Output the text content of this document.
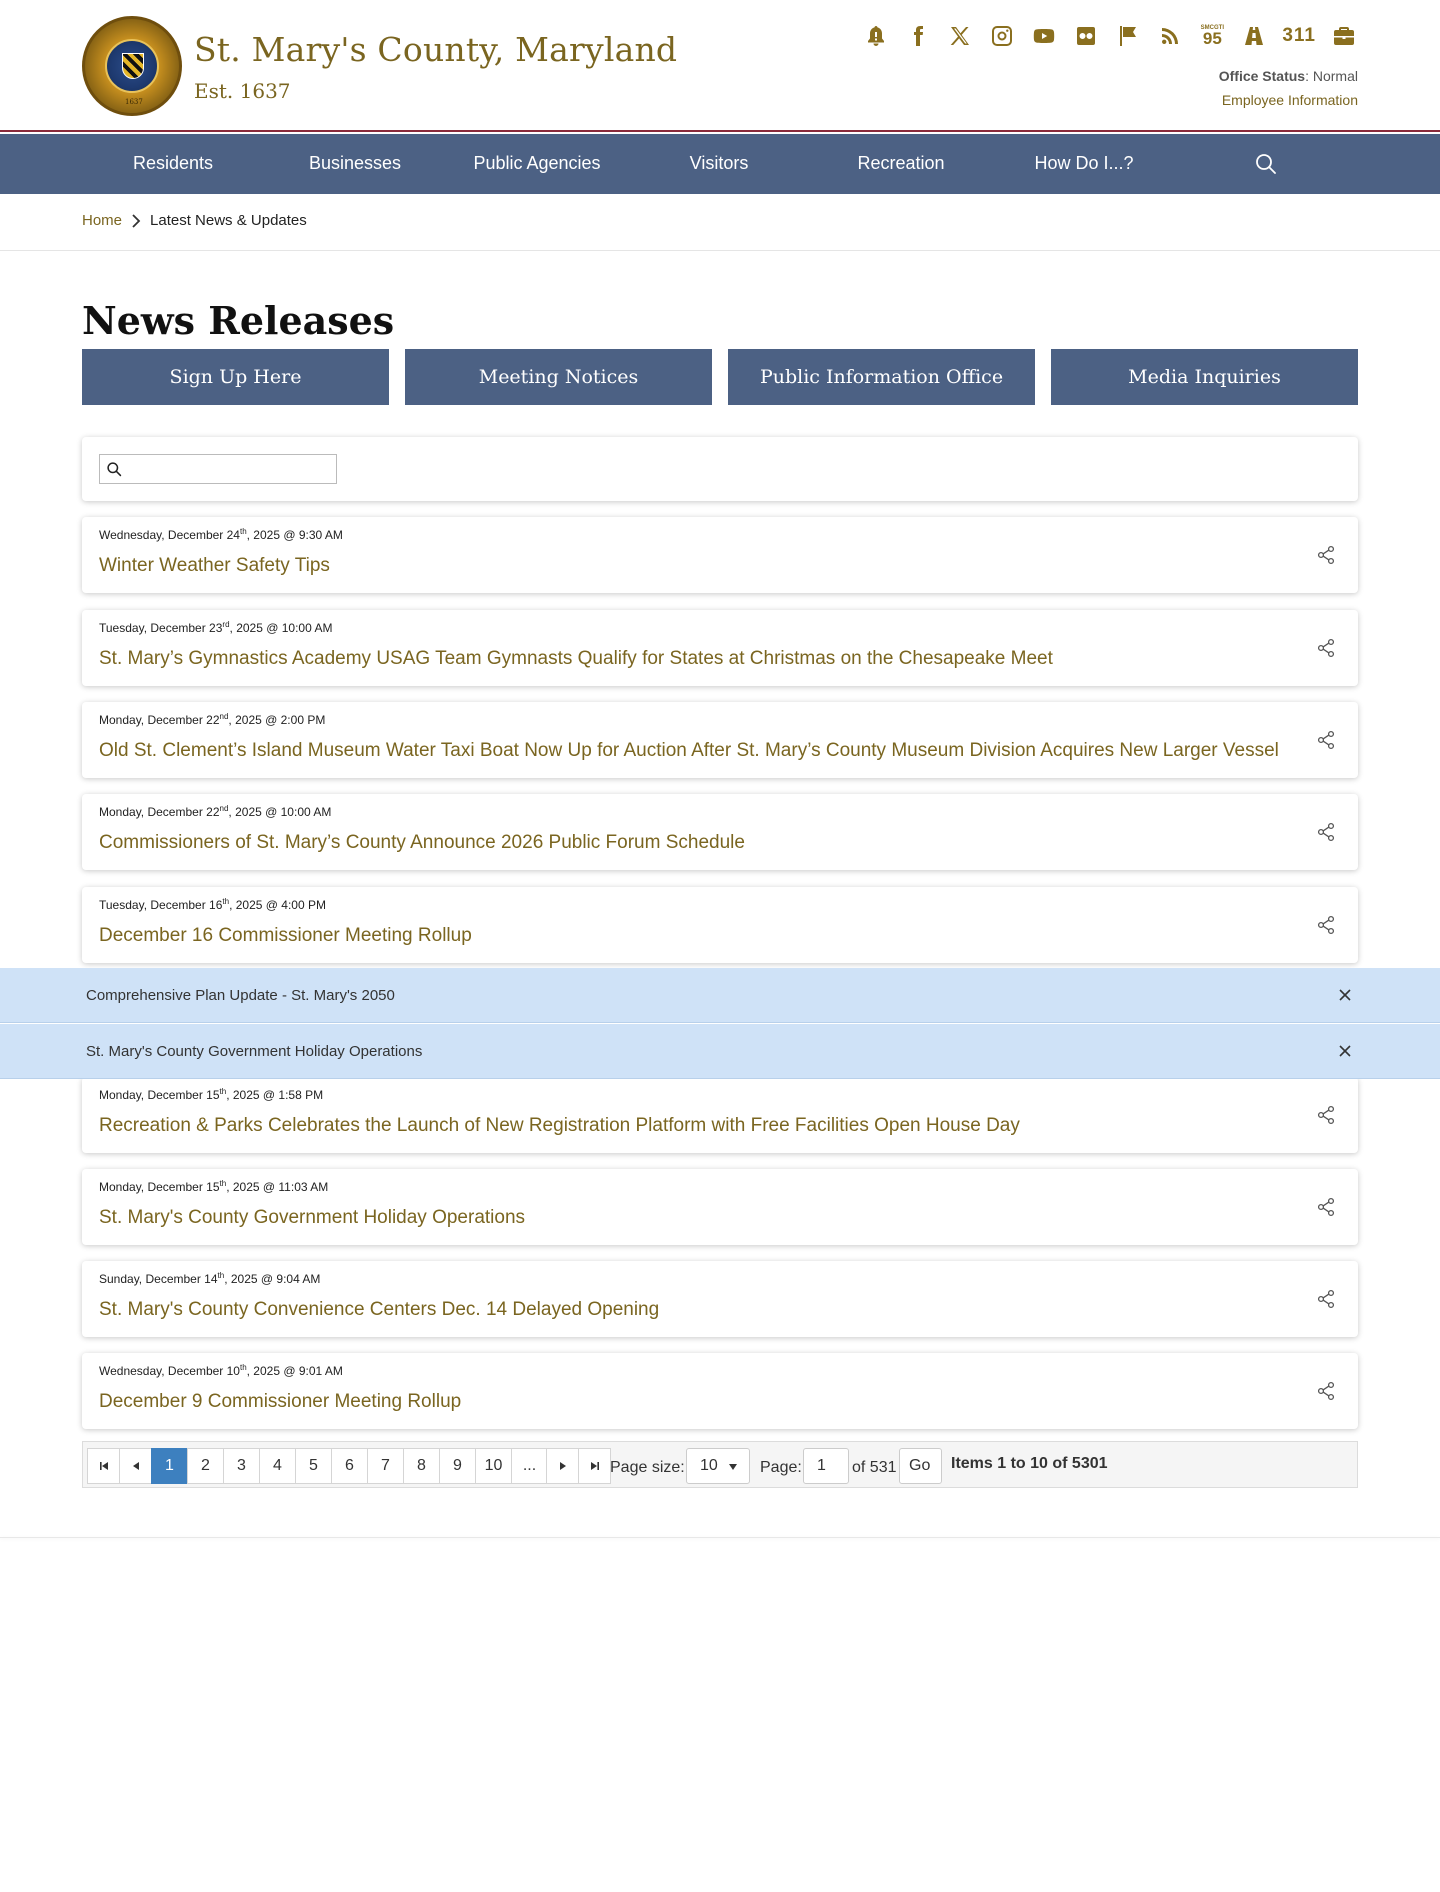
1637
St. Mary's County, Maryland
Est. 1637
SMCGTI
95	311
Office Status: Normal
Employee Information
Residents	Businesses	Public Agencies	Visitors	Recreation	How Do I...?
Home Latest News & Updates
News Releases
Sign Up Here	Meeting Notices	Public Information Office	Media Inquiries
Wednesday, December 24th, 2025 @ 9:30 AM
Winter Weather Safety Tips
Tuesday, December 23rd, 2025 @ 10:00 AM
St. Mary’s Gymnastics Academy USAG Team Gymnasts Qualify for States at Christmas on the Chesapeake Meet
Monday, December 22nd, 2025 @ 2:00 PM
Old St. Clement’s Island Museum Water Taxi Boat Now Up for Auction After St. Mary’s County Museum Division Acquires New Larger Vessel
Monday, December 22nd, 2025 @ 10:00 AM
Commissioners of St. Mary’s County Announce 2026 Public Forum Schedule
Tuesday, December 16th, 2025 @ 4:00 PM
December 16 Commissioner Meeting Rollup
Monday, December 15th, 2025 @ 1:58 PM
Recreation & Parks Celebrates the Launch of New Registration Platform with Free Facilities Open House Day
Monday, December 15th, 2025 @ 11:03 AM
St. Mary's County Government Holiday Operations
Sunday, December 14th, 2025 @ 9:04 AM
St. Mary's County Convenience Centers Dec. 14 Delayed Opening
Wednesday, December 10th, 2025 @ 9:01 AM
December 9 Commissioner Meeting Rollup
Comprehensive Plan Update - St. Mary's 2050
St. Mary's County Government Holiday Operations
1	2	3	4	5	6	7	8	9	10	...	Page size: 10	Page: 1 of 531 Go Items 1 to 10 of 5301
